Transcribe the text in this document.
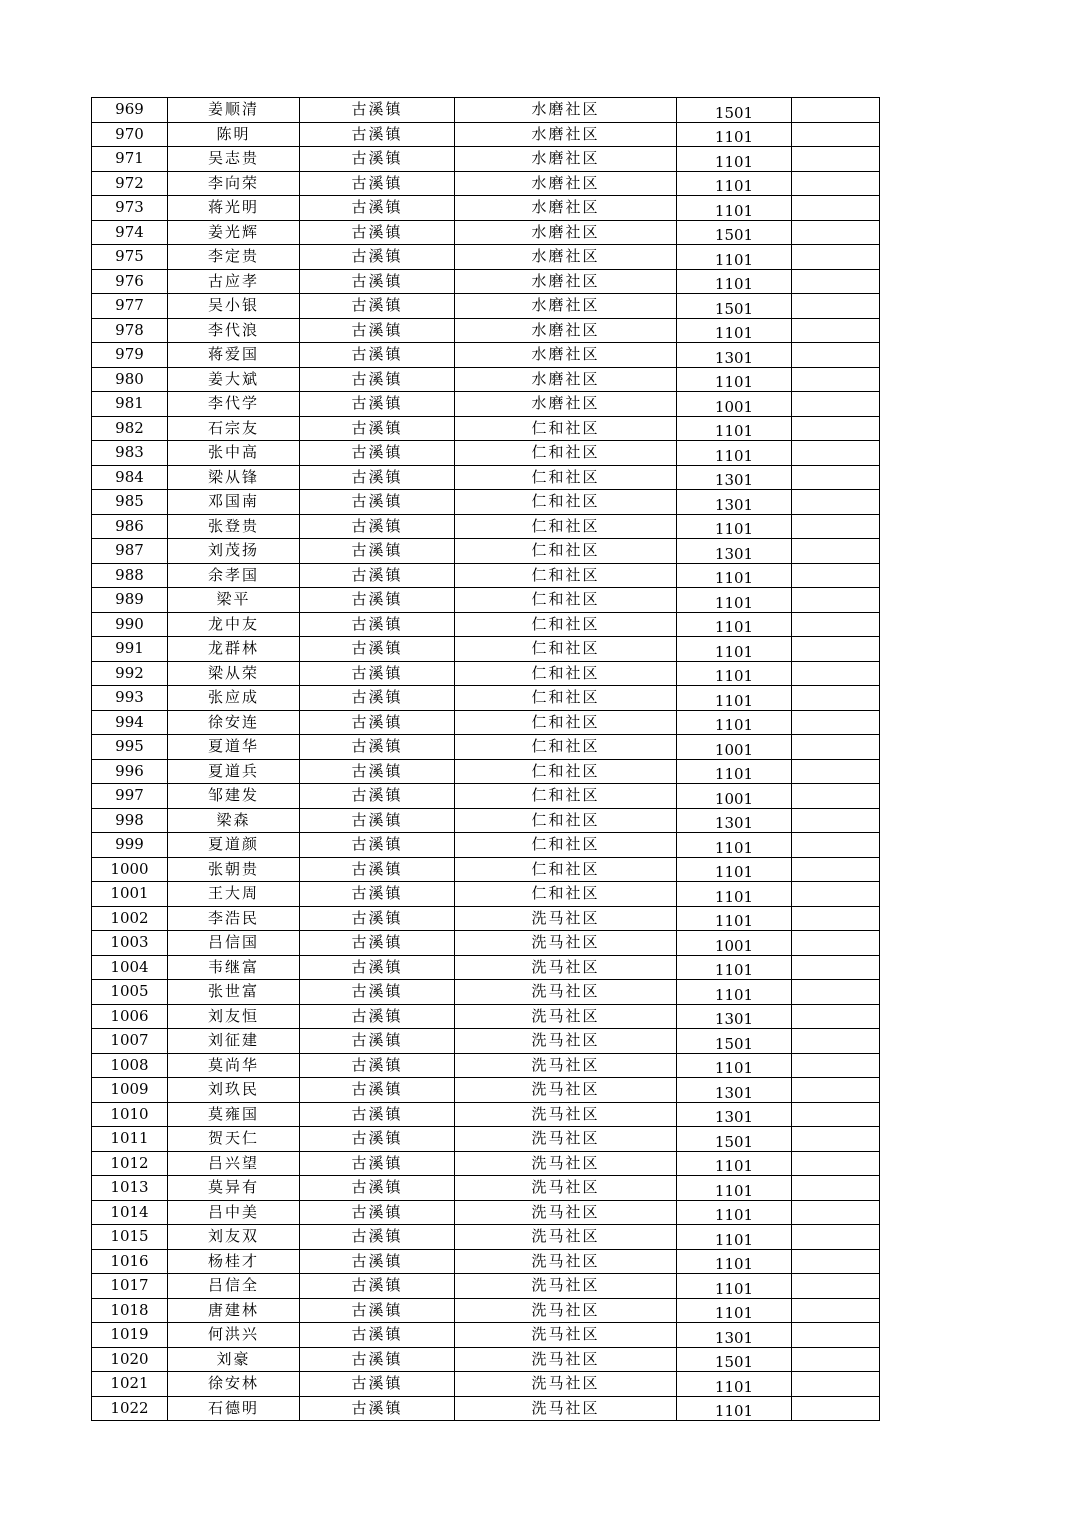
969	姜顺清	古溪镇	水磨社区	1501	
970	陈明	古溪镇	水磨社区	1101	
971	吴志贵	古溪镇	水磨社区	1101	
972	李向荣	古溪镇	水磨社区	1101	
973	蒋光明	古溪镇	水磨社区	1101	
974	姜光辉	古溪镇	水磨社区	1501	
975	李定贵	古溪镇	水磨社区	1101	
976	古应孝	古溪镇	水磨社区	1101	
977	吴小银	古溪镇	水磨社区	1501	
978	李代浪	古溪镇	水磨社区	1101	
979	蒋爱国	古溪镇	水磨社区	1301	
980	姜大斌	古溪镇	水磨社区	1101	
981	李代学	古溪镇	水磨社区	1001	
982	石宗友	古溪镇	仁和社区	1101	
983	张中高	古溪镇	仁和社区	1101	
984	梁从锋	古溪镇	仁和社区	1301	
985	邓国南	古溪镇	仁和社区	1301	
986	张登贵	古溪镇	仁和社区	1101	
987	刘茂扬	古溪镇	仁和社区	1301	
988	余孝国	古溪镇	仁和社区	1101	
989	梁平	古溪镇	仁和社区	1101	
990	龙中友	古溪镇	仁和社区	1101	
991	龙群林	古溪镇	仁和社区	1101	
992	梁从荣	古溪镇	仁和社区	1101	
993	张应成	古溪镇	仁和社区	1101	
994	徐安连	古溪镇	仁和社区	1101	
995	夏道华	古溪镇	仁和社区	1001	
996	夏道兵	古溪镇	仁和社区	1101	
997	邹建发	古溪镇	仁和社区	1001	
998	梁森	古溪镇	仁和社区	1301	
999	夏道颜	古溪镇	仁和社区	1101	
1000	张朝贵	古溪镇	仁和社区	1101	
1001	王大周	古溪镇	仁和社区	1101	
1002	李浩民	古溪镇	洗马社区	1101	
1003	吕信国	古溪镇	洗马社区	1001	
1004	韦继富	古溪镇	洗马社区	1101	
1005	张世富	古溪镇	洗马社区	1101	
1006	刘友恒	古溪镇	洗马社区	1301	
1007	刘征建	古溪镇	洗马社区	1501	
1008	莫尚华	古溪镇	洗马社区	1101	
1009	刘玖民	古溪镇	洗马社区	1301	
1010	莫雍国	古溪镇	洗马社区	1301	
1011	贺天仁	古溪镇	洗马社区	1501	
1012	吕兴望	古溪镇	洗马社区	1101	
1013	莫异有	古溪镇	洗马社区	1101	
1014	吕中美	古溪镇	洗马社区	1101	
1015	刘友双	古溪镇	洗马社区	1101	
1016	杨桂才	古溪镇	洗马社区	1101	
1017	吕信全	古溪镇	洗马社区	1101	
1018	唐建林	古溪镇	洗马社区	1101	
1019	何洪兴	古溪镇	洗马社区	1301	
1020	刘豪	古溪镇	洗马社区	1501	
1021	徐安林	古溪镇	洗马社区	1101	
1022	石德明	古溪镇	洗马社区	1101	
